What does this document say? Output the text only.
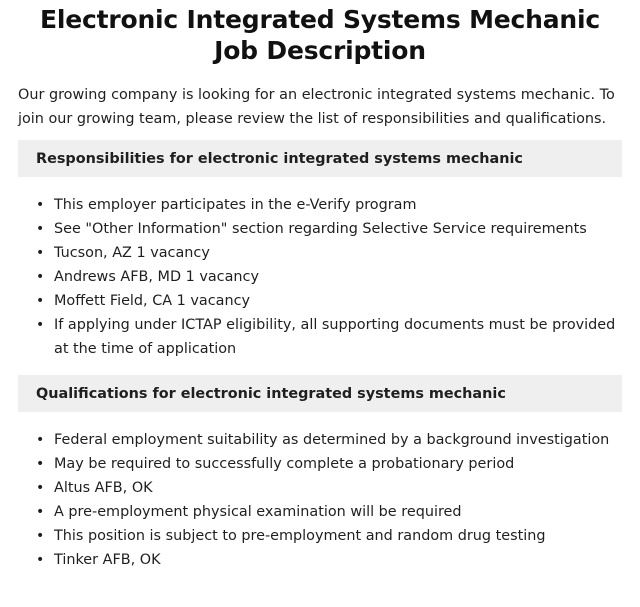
Electronic Integrated Systems Mechanic Job Description

Our growing company is looking for an electronic integrated systems mechanic. To join our growing team, please review the list of responsibilities and qualifications.

Responsibilities for electronic integrated systems mechanic
• This employer participates in the e-Verify program
• See "Other Information" section regarding Selective Service requirements
• Tucson, AZ 1 vacancy
• Andrews AFB, MD 1 vacancy
• Moffett Field, CA 1 vacancy
• If applying under ICTAP eligibility, all supporting documents must be provided at the time of application
Qualifications for electronic integrated systems mechanic
• Federal employment suitability as determined by a background investigation
• May be required to successfully complete a probationary period
• Altus AFB, OK
• A pre-employment physical examination will be required
• This position is subject to pre-employment and random drug testing
• Tinker AFB, OK
